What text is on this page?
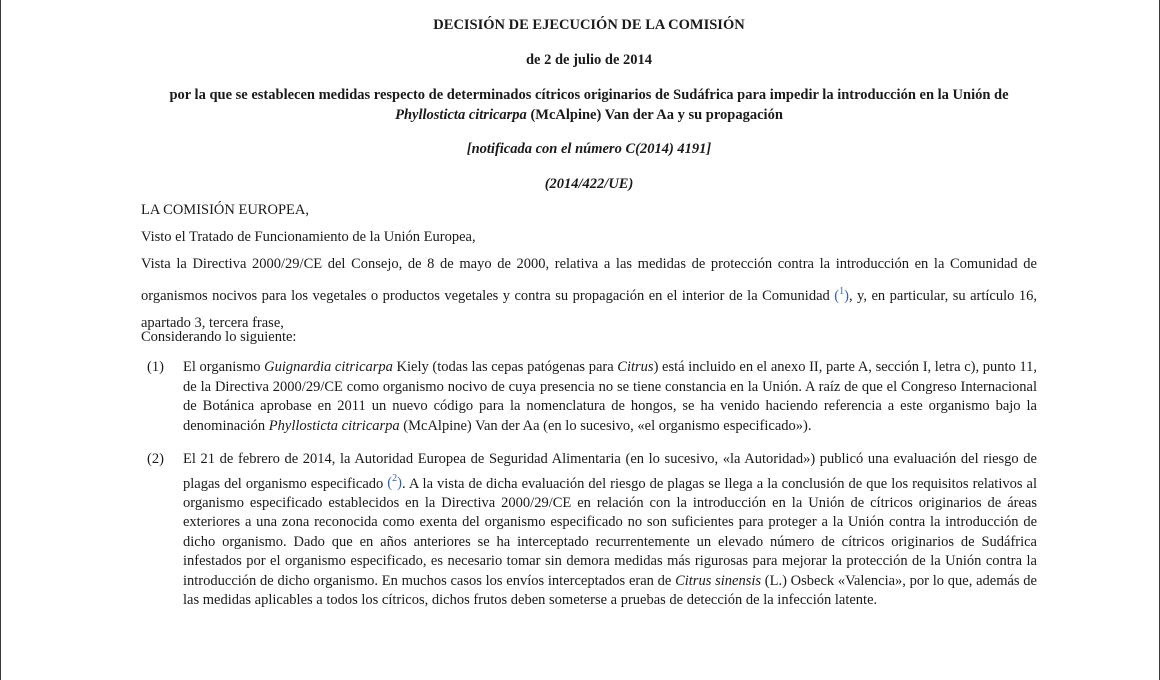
DECISIÓN DE EJECUCIÓN DE LA COMISIÓN
de 2 de julio de 2014
por la que se establecen medidas respecto de determinados cítricos originarios de Sudáfrica para impedir la introducción en la Unión de
Phyllosticta citricarpa (McAlpine) Van der Aa y su propagación
[notificada con el número C(2014) 4191]
(2014/422/UE)
LA COMISIÓN EUROPEA,
Visto el Tratado de Funcionamiento de la Unión Europea,
Vista la Directiva 2000/29/CE del Consejo, de 8 de mayo de 2000, relativa a las medidas de protección contra la introducción en la Comunidad de organismos nocivos para los vegetales o productos vegetales y contra su propagación en el interior de la Comunidad ($^1$), y, en particular, su artículo 16, apartado 3, tercera frase,
Considerando lo siguiente:
(1) El organismo Guignardia citricarpa Kiely (todas las cepas patógenas para Citrus) está incluido en el anexo II, parte A, sección I, letra c), punto 11, de la Directiva 2000/29/CE como organismo nocivo de cuya presencia no se tiene constancia en la Unión. A raíz de que el Congreso Internacional de Botánica aprobase en 2011 un nuevo código para la nomenclatura de hongos, se ha venido haciendo referencia a este organismo bajo la denominación Phyllosticta citricarpa (McAlpine) Van der Aa (en lo sucesivo, «el organismo especificado»).
(2) El 21 de febrero de 2014, la Autoridad Europea de Seguridad Alimentaria (en lo sucesivo, «la Autoridad») publicó una evaluación del riesgo de plagas del organismo especificado ($^2$). A la vista de dicha evaluación del riesgo de plagas se llega a la conclusión de que los requisitos relativos al organismo especificado establecidos en la Directiva 2000/29/CE en relación con la introducción en la Unión de cítricos originarios de áreas exteriores a una zona reconocida como exenta del organismo especificado no son suficientes para proteger a la Unión contra la introducción de dicho organismo. Dado que en años anteriores se ha interceptado recurrentemente un elevado número de cítricos originarios de Sudáfrica infestados por el organismo especificado, es necesario tomar sin demora medidas más rigurosas para mejorar la protección de la Unión contra la introducción de dicho organismo. En muchos casos los envíos interceptados eran de Citrus sinensis (L.) Osbeck «Valencia», por lo que, además de las medidas aplicables a todos los cítricos, dichos frutos deben someterse a pruebas de detección de la infección latente.
